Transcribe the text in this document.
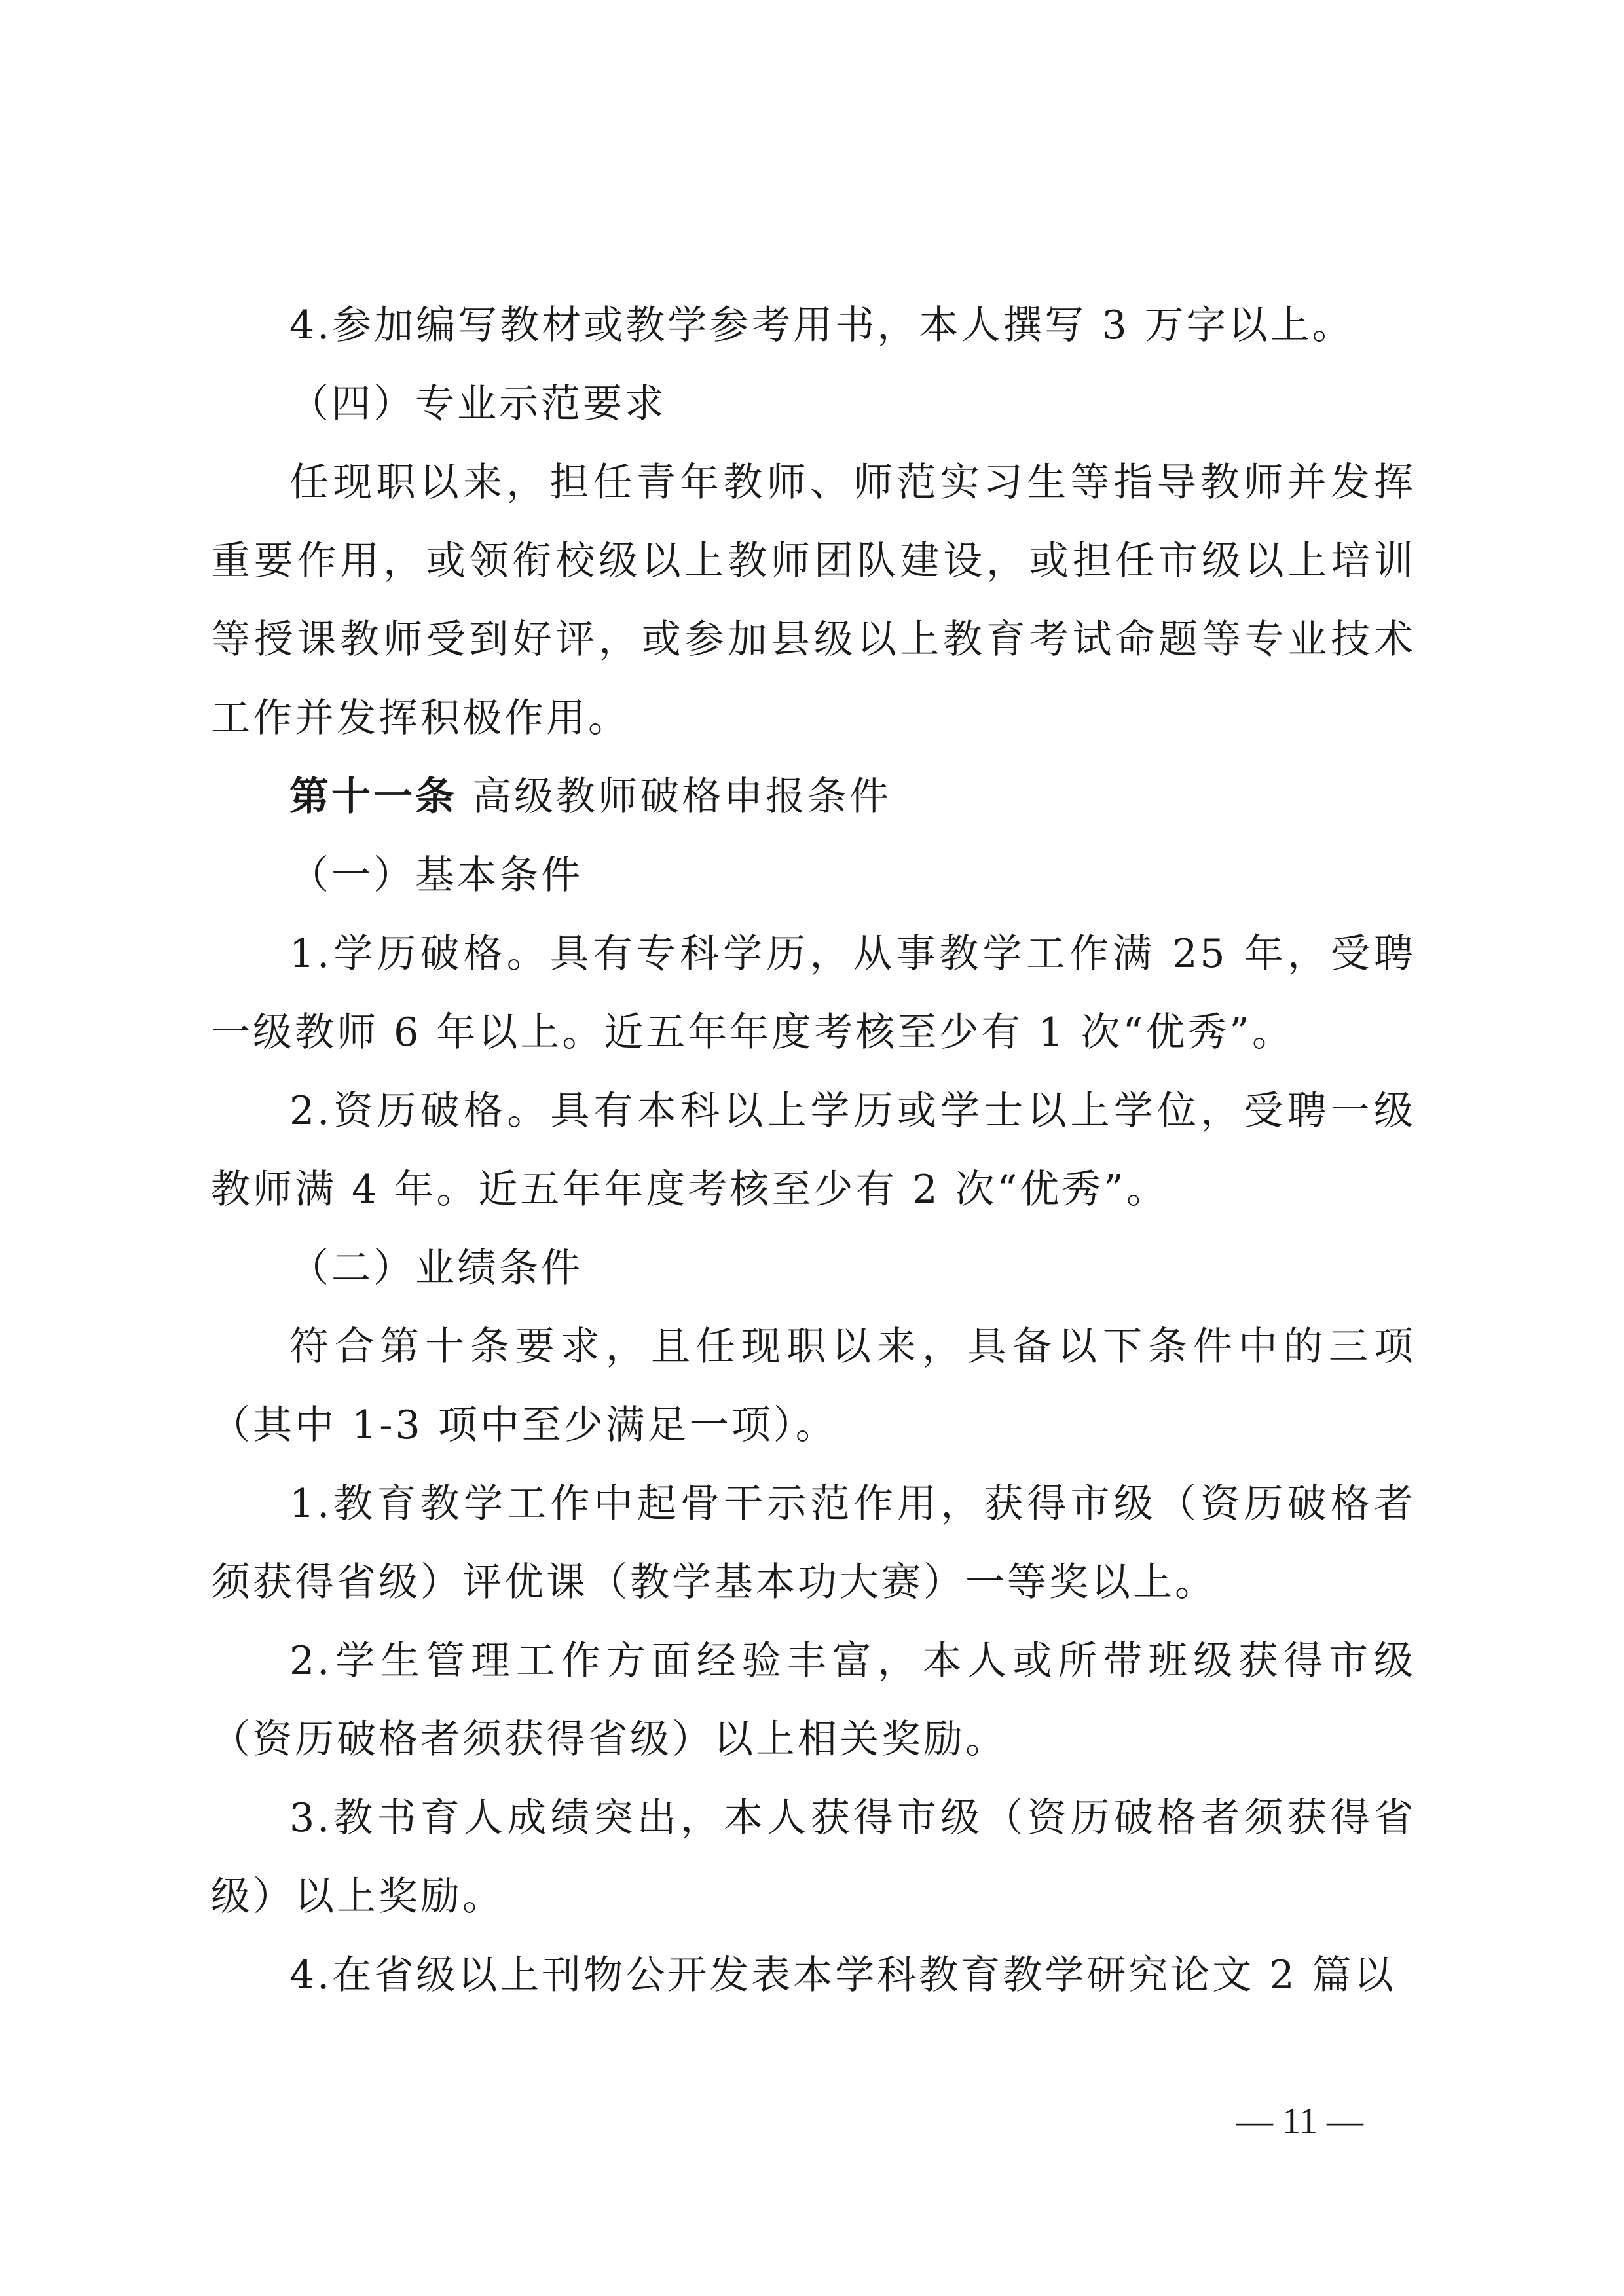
4.参加编写教材或教学参考用书，本人撰写 3 万字以上。

（四）专业示范要求

任现职以来，担任青年教师、师范实习生等指导教师并发挥重要作用，或领衔校级以上教师团队建设，或担任市级以上培训等授课教师受到好评，或参加县级以上教育考试命题等专业技术工作并发挥积极作用。

第十一条 高级教师破格申报条件

（一）基本条件

1.学历破格。具有专科学历，从事教学工作满 25 年，受聘一级教师 6 年以上。近五年年度考核至少有 1 次“优秀”。

2.资历破格。具有本科以上学历或学士以上学位，受聘一级教师满 4 年。近五年年度考核至少有 2 次“优秀”。

（二）业绩条件

符合第十条要求，且任现职以来，具备以下条件中的三项（其中 1-3 项中至少满足一项）。

1.教育教学工作中起骨干示范作用，获得市级（资历破格者须获得省级）评优课（教学基本功大赛）一等奖以上。

2.学生管理工作方面经验丰富，本人或所带班级获得市级（资历破格者须获得省级）以上相关奖励。

3.教书育人成绩突出，本人获得市级（资历破格者须获得省级）以上奖励。

4.在省级以上刊物公开发表本学科教育教学研究论文 2 篇以

— 11 —
